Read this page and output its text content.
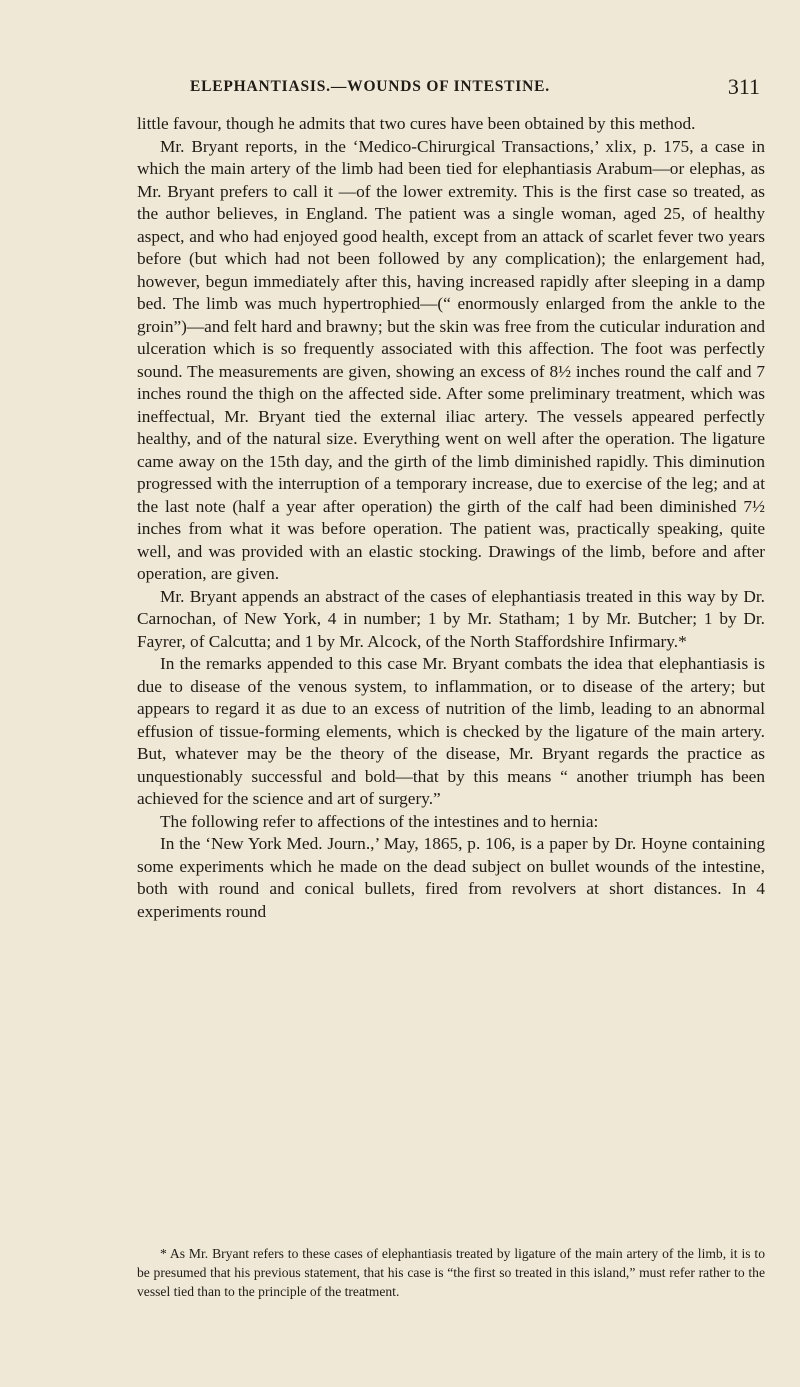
ELEPHANTIASIS.—WOUNDS OF INTESTINE.	311

little favour, though he admits that two cures have been obtained by this method.

Mr. Bryant reports, in the ‘Medico-Chirurgical Transactions,’ xlix, p. 175, a case in which the main artery of the limb had been tied for elephantiasis Arabum—or elephas, as Mr. Bryant prefers to call it —of the lower extremity. This is the first case so treated, as the author believes, in England. The patient was a single woman, aged 25, of healthy aspect, and who had enjoyed good health, except from an attack of scarlet fever two years before (but which had not been followed by any complication); the enlargement had, however, begun immediately after this, having increased rapidly after sleeping in a damp bed. The limb was much hypertrophied—(“ enormously enlarged from the ankle to the groin”)—and felt hard and brawny; but the skin was free from the cuticular induration and ulceration which is so frequently associated with this affection. The foot was perfectly sound. The measurements are given, showing an excess of 8½ inches round the calf and 7 inches round the thigh on the affected side. After some preliminary treatment, which was ineffectual, Mr. Bryant tied the external iliac artery. The vessels appeared perfectly healthy, and of the natural size. Everything went on well after the operation. The ligature came away on the 15th day, and the girth of the limb diminished rapidly. This diminution progressed with the interruption of a temporary increase, due to exercise of the leg; and at the last note (half a year after operation) the girth of the calf had been diminished 7½ inches from what it was before operation. The patient was, practically speaking, quite well, and was provided with an elastic stocking. Drawings of the limb, before and after operation, are given.

Mr. Bryant appends an abstract of the cases of elephantiasis treated in this way by Dr. Carnochan, of New York, 4 in number; 1 by Mr. Statham; 1 by Mr. Butcher; 1 by Dr. Fayrer, of Calcutta; and 1 by Mr. Alcock, of the North Staffordshire Infirmary.*

In the remarks appended to this case Mr. Bryant combats the idea that elephantiasis is due to disease of the venous system, to inflammation, or to disease of the artery; but appears to regard it as due to an excess of nutrition of the limb, leading to an abnormal effusion of tissue-forming elements, which is checked by the ligature of the main artery. But, whatever may be the theory of the disease, Mr. Bryant regards the practice as unquestionably successful and bold—that by this means “ another triumph has been achieved for the science and art of surgery.”

The following refer to affections of the intestines and to hernia:

In the ‘New York Med. Journ.,’ May, 1865, p. 106, is a paper by Dr. Hoyne containing some experiments which he made on the dead subject on bullet wounds of the intestine, both with round and conical bullets, fired from revolvers at short distances. In 4 experiments round

* As Mr. Bryant refers to these cases of elephantiasis treated by ligature of the main artery of the limb, it is to be presumed that his previous statement, that his case is “the first so treated in this island,” must refer rather to the vessel tied than to the principle of the treatment.
